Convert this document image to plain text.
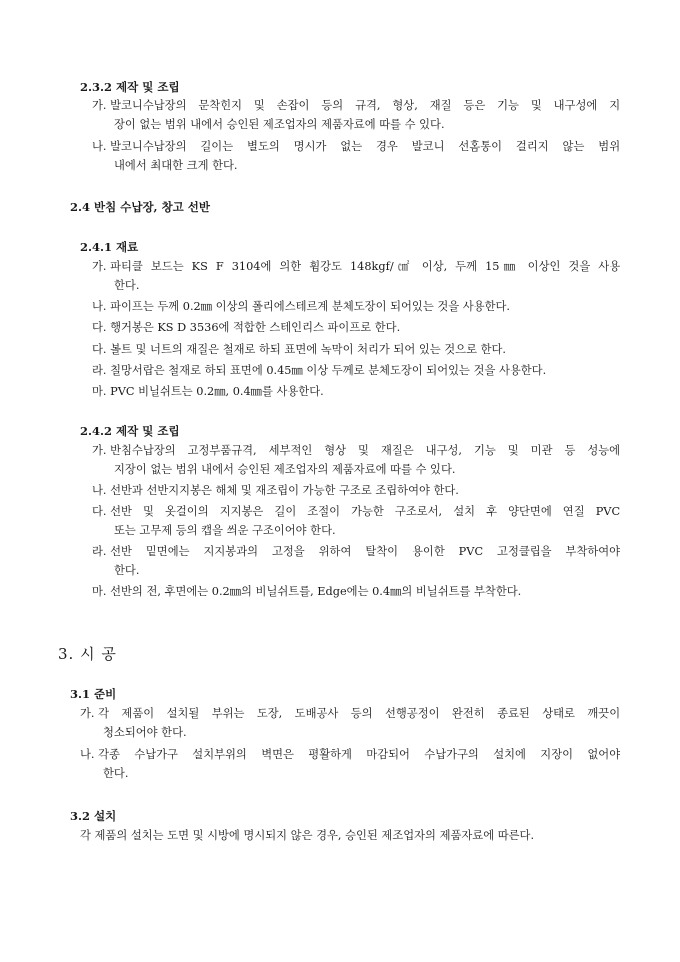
2.3.2 제작 및 조립
가. 발코니수납장의 문착힌지 및 손잡이 등의 규격, 형상, 재질 등은 기능 및 내구성에 지
장이 없는 범위 내에서 승인된 제조업자의 제품자료에 따를 수 있다.
나. 발코니수납장의 길이는 별도의 명시가 없는 경우 발코니 선홈통이 걸리지 않는 범위
내에서 최대한 크게 한다.
2.4 반침 수납장, 창고 선반
2.4.1 재료
가. 파티클 보드는 KS F 3104에 의한 휨강도 148kgf/㎠ 이상, 두께 15㎜ 이상인 것을 사용
한다.
나. 파이프는 두께 0.2㎜ 이상의 폴리에스테르계 분체도장이 되어있는 것을 사용한다.
다. 행거봉은 KS D 3536에 적합한 스테인리스 파이프로 한다.
다. 볼트 및 너트의 재질은 철재로 하되 표면에 녹막이 처리가 되어 있는 것으로 한다.
라. 칠망서랍은 철재로 하되 표면에 0.45㎜ 이상 두께로 분체도장이 되어있는 것을 사용한다.
마. PVC 비닐쉬트는 0.2㎜, 0.4㎜를 사용한다.
2.4.2 제작 및 조립
가. 반침수납장의 고정부품규격, 세부적인 형상 및 재질은 내구성, 기능 및 미관 등 성능에
지장이 없는 범위 내에서 승인된 제조업자의 제품자료에 따를 수 있다.
나. 선반과 선반지지봉은 해체 및 재조립이 가능한 구조로 조립하여야 한다.
다. 선반 및 옷걸이의 지지봉은 길이 조절이 가능한 구조로서, 설치 후 양단면에 연질 PVC
또는 고무제 등의 캡을 씌운 구조이어야 한다.
라. 선반 밑면에는 지지봉과의 고정을 위하여 탈착이 용이한 PVC 고정클립을 부착하여야
한다.
마. 선반의 전, 후면에는 0.2㎜의 비닐쉬트를, Edge에는 0.4㎜의 비닐쉬트를 부착한다.
3. 시 공
3.1 준비
가. 각 제품이 설치될 부위는 도장, 도배공사 등의 선행공정이 완전히 종료된 상태로 깨끗이
청소되어야 한다.
나. 각종 수납가구 설치부위의 벽면은 평활하게 마감되어 수납가구의 설치에 지장이 없어야
한다.
3.2 설치
각 제품의 설치는 도면 및 시방에 명시되지 않은 경우, 승인된 제조업자의 제품자료에 따른다.
